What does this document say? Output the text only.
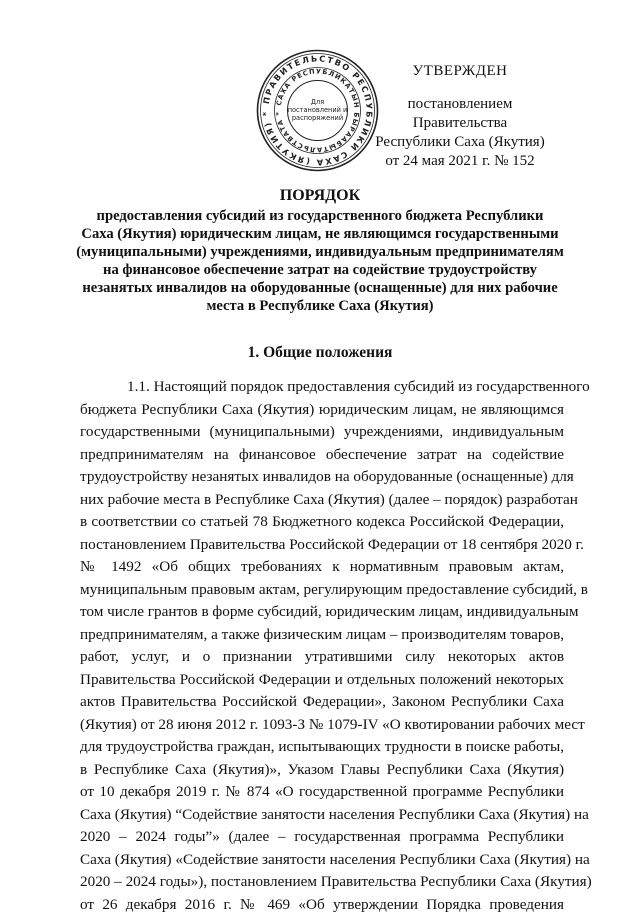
ПРАВИТЕЛЬСТВО РЕСПУБЛИКИ САХА (ЯКУТИЯ) *
САХА РЕСПУБЛИКАТЫН БЫРААБЫТАЛЬСТВАТА *
Для
постановлений и
распоряжений
УТВЕРЖДЕН
постановлением Правительства
Республики Саха (Якутия)
от 24 мая 2021 г. № 152
ПОРЯДОК
предоставления субсидий из государственного бюджета Республики
Саха (Якутия) юридическим лицам, не являющимся государственными
(муниципальными) учреждениями, индивидуальным предпринимателям
на финансовое обеспечение затрат на содействие трудоустройству
незанятых инвалидов на оборудованные (оснащенные) для них рабочие
места в Республике Саха (Якутия)
1. Общие положения
1.1. Настоящий порядок предоставления субсидий из государственного
бюджета Республики Саха (Якутия) юридическим лицам, не являющимся
государственными (муниципальными) учреждениями, индивидуальным
предпринимателям на финансовое обеспечение затрат на содействие
трудоустройству незанятых инвалидов на оборудованные (оснащенные) для
них рабочие места в Республике Саха (Якутия) (далее – порядок) разработан
в соответствии со статьей 78 Бюджетного кодекса Российской Федерации,
постановлением Правительства Российской Федерации от 18 сентября 2020 г.
№ 1492 «Об общих требованиях к нормативным правовым актам,
муниципальным правовым актам, регулирующим предоставление субсидий, в
том числе грантов в форме субсидий, юридическим лицам, индивидуальным
предпринимателям, а также физическим лицам – производителям товаров,
работ, услуг, и о признании утратившими силу некоторых актов
Правительства Российской Федерации и отдельных положений некоторых
актов Правительства Российской Федерации», Законом Республики Саха
(Якутия) от 28 июня 2012 г. 1093-З № 1079-IV «О квотировании рабочих мест
для трудоустройства граждан, испытывающих трудности в поиске работы,
в Республике Саха (Якутия)», Указом Главы Республики Саха (Якутия)
от 10 декабря 2019 г. № 874 «О государственной программе Республики
Саха (Якутия) “Содействие занятости населения Республики Саха (Якутия) на
2020 – 2024 годы”» (далее – государственная программа Республики
Саха (Якутия) «Содействие занятости населения Республики Саха (Якутия) на
2020 – 2024 годы»), постановлением Правительства Республики Саха (Якутия)
от 26 декабря 2016 г. № 469 «Об утверждении Порядка проведения
